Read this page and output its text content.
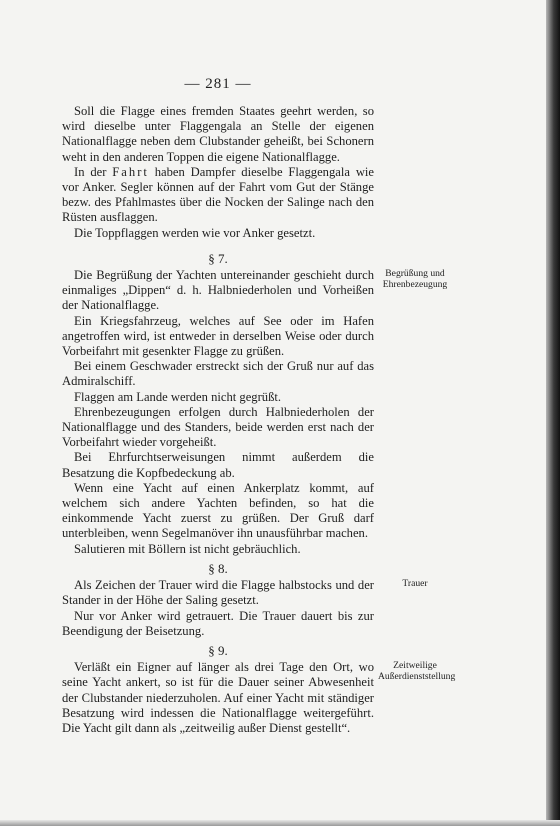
— 281 —

Soll die Flagge eines fremden Staates geehrt werden, so wird dieselbe unter Flaggengala an Stelle der eigenen Nationalflagge neben dem Clubstander geheißt, bei Schonern weht in den anderen Toppen die eigene Nationalflagge.

In der Fahrt haben Dampfer dieselbe Flaggengala wie vor Anker. Segler können auf der Fahrt vom Gut der Stänge bezw. des Pfahlmastes über die Nocken der Salinge nach den Rüsten ausflaggen.

Die Toppflaggen werden wie vor Anker gesetzt.

§ 7.

Die Begrüßung der Yachten untereinander geschieht durch einmaliges „Dippen“ d. h. Halbniederholen und Vorheißen der Nationalflagge.

Ein Kriegsfahrzeug, welches auf See oder im Hafen angetroffen wird, ist entweder in derselben Weise oder durch Vorbeifahrt mit gesenkter Flagge zu grüßen.

Bei einem Geschwader erstreckt sich der Gruß nur auf das Admiralschiff.

Flaggen am Lande werden nicht gegrüßt.

Ehrenbezeugungen erfolgen durch Halbniederholen der Nationalflagge und des Standers, beide werden erst nach der Vorbeifahrt wieder vorgeheißt.

Bei Ehrfurchtserweisungen nimmt außerdem die Besatzung die Kopfbedeckung ab.

Wenn eine Yacht auf einen Ankerplatz kommt, auf welchem sich andere Yachten befinden, so hat die einkommende Yacht zuerst zu grüßen. Der Gruß darf unterbleiben, wenn Segelmanöver ihn unausführbar machen.

Salutieren mit Böllern ist nicht gebräuchlich.

§ 8.

Als Zeichen der Trauer wird die Flagge halbstocks und der Stander in der Höhe der Saling gesetzt.

Nur vor Anker wird getrauert. Die Trauer dauert bis zur Beendigung der Beisetzung.

§ 9.

Verläßt ein Eigner auf länger als drei Tage den Ort, wo seine Yacht ankert, so ist für die Dauer seiner Abwesenheit der Clubstander niederzuholen. Auf einer Yacht mit ständiger Besatzung wird indessen die Nationalflagge weitergeführt. Die Yacht gilt dann als „zeitweilig außer Dienst gestellt“.

Begrüßung und Ehrenbezeugung
Trauer
Zeitweilige Außerdienststellung
